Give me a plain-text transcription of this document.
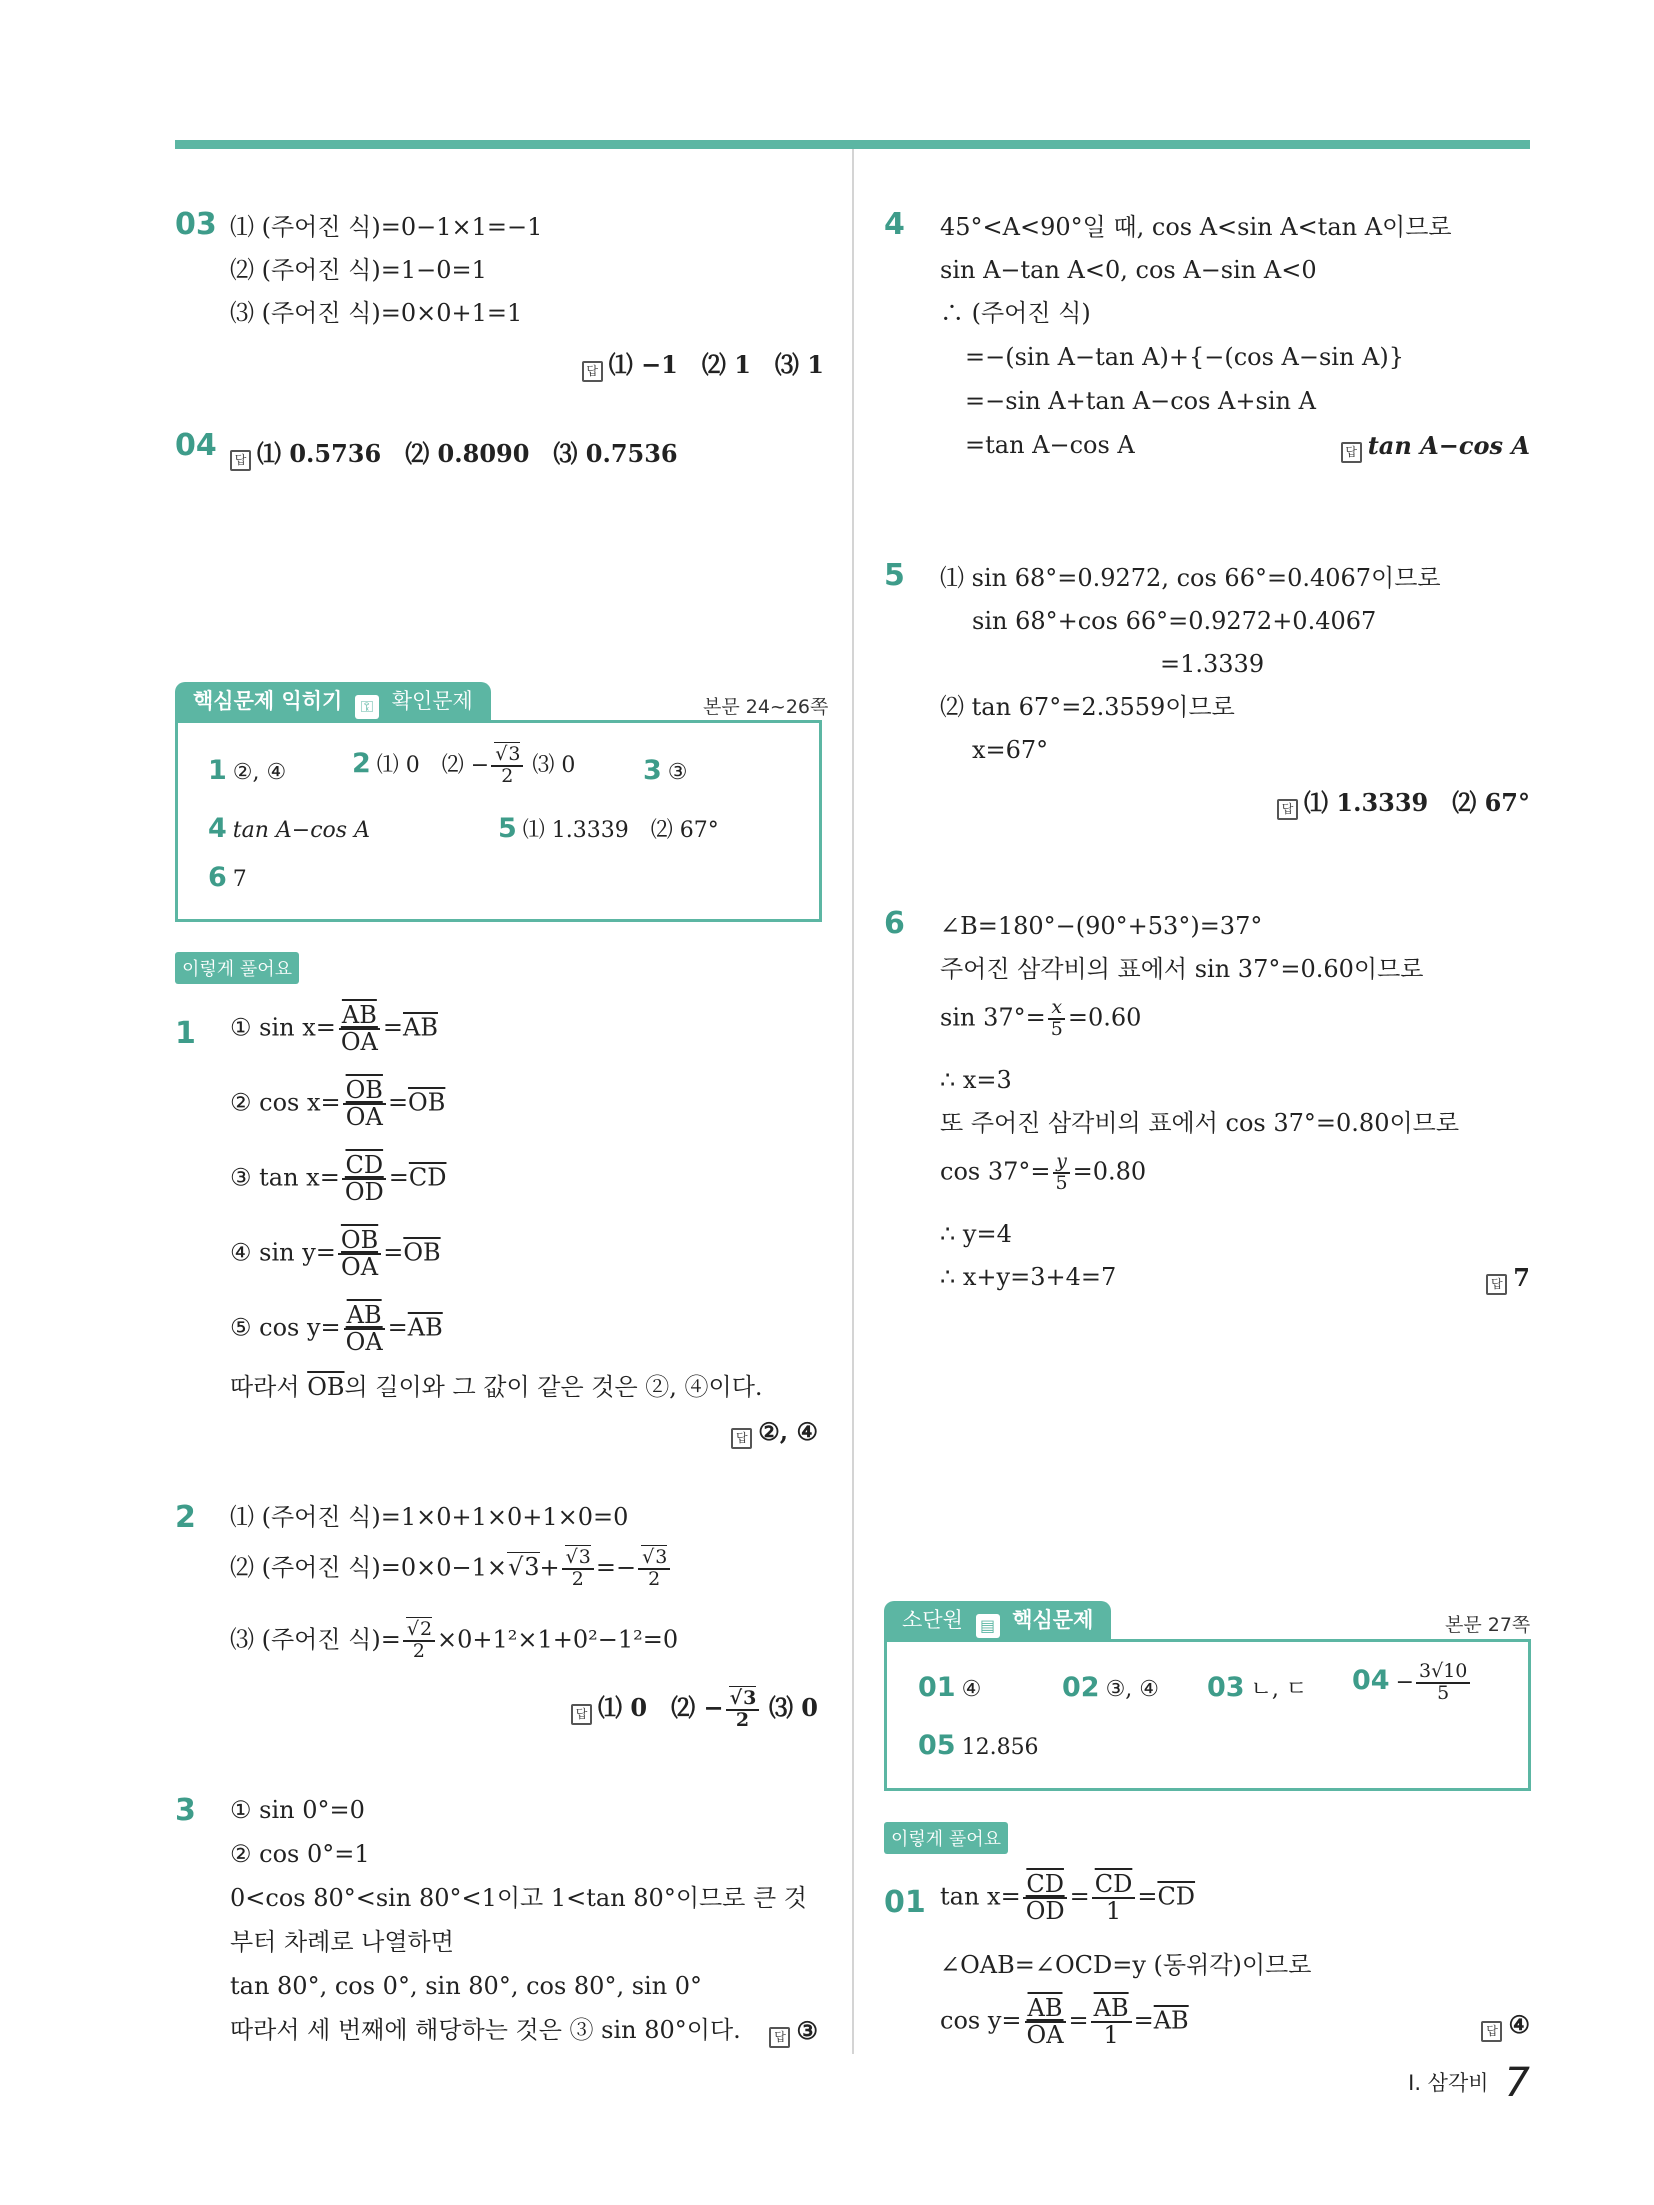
03 ⑴ (주어진 식)=0−1×1=−1
⑵ (주어진 식)=1−0=1
⑶ (주어진 식)=0×0+1=1
답 ⑴ −1　⑵ 1　⑶ 1
04	답 ⑴ 0.5736　⑵ 0.8090　⑶ 0.7536
핵심문제 익히기 ⚿ 확인문제	본문 24~26쪽
1 ②, ④ 2 ⑴ 0　⑵ − √ $\frac{3}{2}$ ⑶ 0	3 ③
4 tan A−cos A	5 ⑴ 1.3339　⑵ 67°
6 7
이렇게 풀어요
1 ① $\sin x= \frac{\overline{AB}}{OA} =\overline{AB}$
② $\cos x= \frac{\overline{OB}}{OA} =\overline{OB}$
③ $\tan x= \frac{\overline{CD}}{OD} =\overline{CD}$
④ $\sin y= \frac{\overline{OB}}{OA} =\overline{OB}$
⑤ $\cos y= \frac{\overline{AB}}{OA} =\overline{AB}$
따라서 $\overline{OB}$의 길이와 그 값이 같은 것은 ②, ④이다.
답 ②, ④
2 ⑴ (주어진 식)=1×0+1×0+1×0=0
⑵ (주어진 식)=0×0−1× √ 3+ √ $\frac{3}{2}$ =− √ $\frac{3}{2}$
⑶ (주어진 식)= √ $\frac{2}{2} \times 0+1^2\times 1+0^2-1^2=0$
답 ⑴ 0　⑵ − √ $\frac{3}{2}$ ⑶ 0
3 ① sin 0°=0
② cos 0°=1
0<cos 80°<sin 80°<1이고 1<tan 80°이므로 큰 것
부터 차례로 나열하면
tan 80°, cos 0°, sin 80°, cos 80°, sin 0°
따라서 세 번째에 해당하는 것은 ③ sin 80°이다.	답 ③
4 45°<A<90°일 때, cos A<sin A<tan A이므로
sin A−tan A<0, cos A−sin A<0
∴ (주어진 식)
=−(sin A−tan A)+{−(cos A−sin A)}
=−sin A+tan A−cos A+sin A
=tan A−cos A	답 tan A−cos A
5 ⑴ sin 68°=0.9272, cos 66°=0.4067이므로
sin 68°+cos 66°=0.9272+0.4067
=1.3339
⑵ tan 67°=2.3559이므로
x=67°
답 ⑴ 1.3339　⑵ 67°
6 ∠B=180°−(90°+53°)=37°
주어진 삼각비의 표에서 sin 37°=0.60이므로
$\sin 37^\circ= \frac{x}{5} =0.60$
∴ x=3
또 주어진 삼각비의 표에서 cos 37°=0.80이므로
$\cos 37^\circ= \frac{y}{5} =0.80$
∴ y=4
∴ x+y=3+4=7	답 7
소단원 ▤ 핵심문제	본문 27쪽
01 ④	02 ③, ④ 03 ㄴ, ㄷ $04 - \frac{3√10}{5}$
05 12.856
이렇게 풀어요
01 $\tan x= \frac{\overline{CD}}{OD} = \frac{\overline{CD}}{1} =\overline{CD}$
∠OAB=∠OCD=y (동위각)이므로
$\cos y= \frac{\overline{AB}}{OA} = \frac{\overline{AB}}{1} =\overline{AB}$	답 ④
Ⅰ. 삼각비 7
